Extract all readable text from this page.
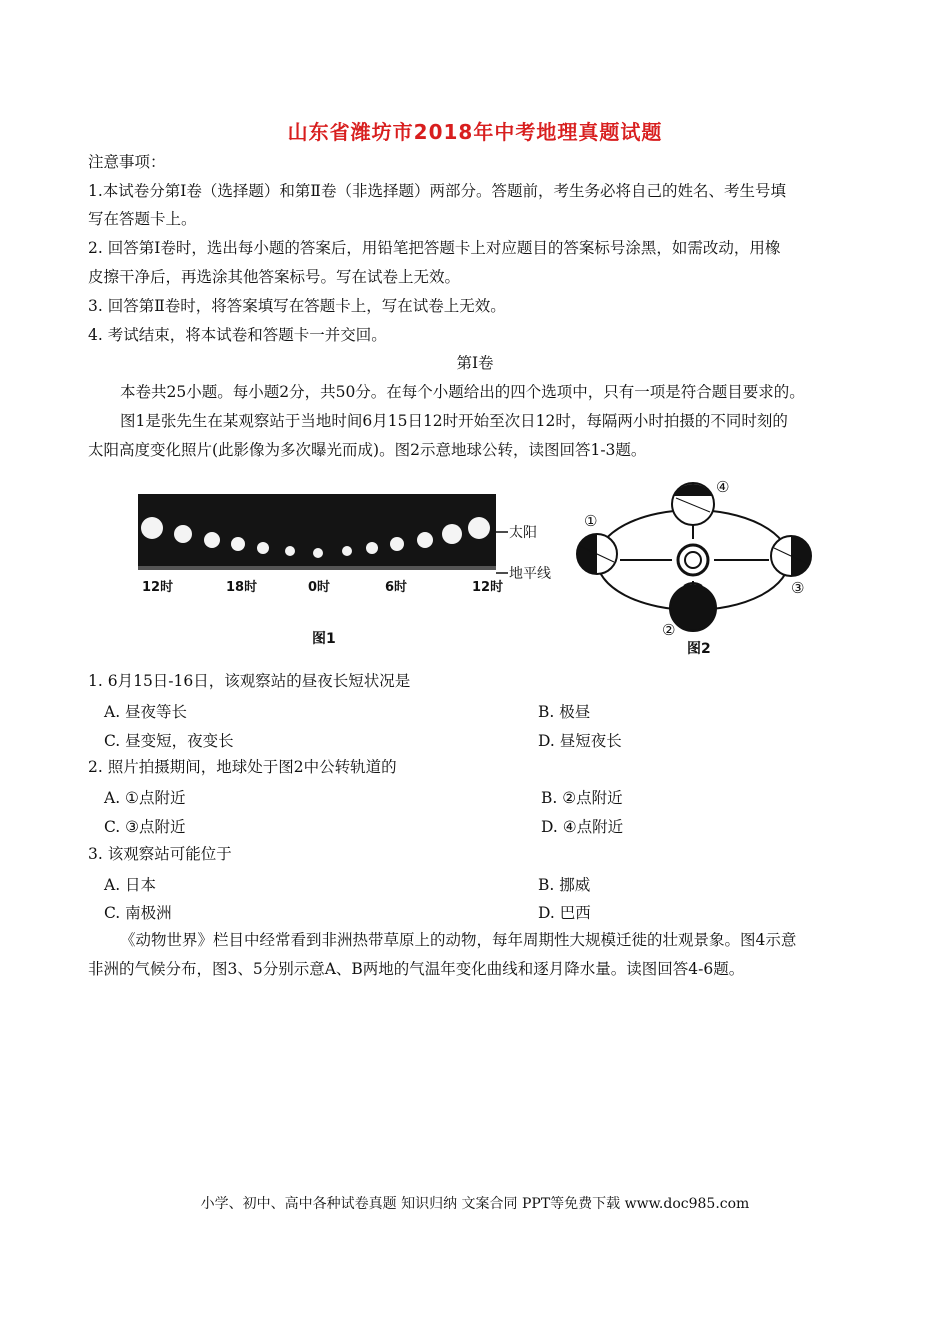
山东省潍坊市2018年中考地理真题试题
注意事项：
1.本试卷分第Ⅰ卷（选择题）和第Ⅱ卷（非选择题）两部分。答题前，考生务必将自己的姓名、考生号填
写在答题卡上。
2. 回答第Ⅰ卷时，选出每小题的答案后，用铅笔把答题卡上对应题目的答案标号涂黑，如需改动，用橡
皮擦干净后，再选涂其他答案标号。写在试卷上无效。
3. 回答第Ⅱ卷时，将答案填写在答题卡上，写在试卷上无效。
4. 考试结束，将本试卷和答题卡一并交回。
第Ⅰ卷
本卷共25小题。每小题2分，共50分。在每个小题给出的四个选项中，只有一项是符合题目要求的。
图1是张先生在某观察站于当地时间6月15日12时开始至次日12时，每隔两小时拍摄的不同时刻的
太阳高度变化照片(此影像为多次曝光而成)。图2示意地球公转，读图回答1-3题。
太阳
地平线
12时	18时	0时	6时	12时
图1
①
②
③
④
图2
1. 6月15日-16日，该观察站的昼夜长短状况是
A. 昼夜等长	B. 极昼
C. 昼变短，夜变长	D. 昼短夜长
2. 照片拍摄期间，地球处于图2中公转轨道的
A. ①点附近	B. ②点附近
C. ③点附近	D. ④点附近
3. 该观察站可能位于
A. 日本	B. 挪威
C. 南极洲	D. 巴西
《动物世界》栏目中经常看到非洲热带草原上的动物，每年周期性大规模迁徙的壮观景象。图4示意
非洲的气候分布，图3、5分别示意A、B两地的气温年变化曲线和逐月降水量。读图回答4-6题。
小学、初中、高中各种试卷真题 知识归纳 文案合同 PPT等免费下载 www.doc985.com
